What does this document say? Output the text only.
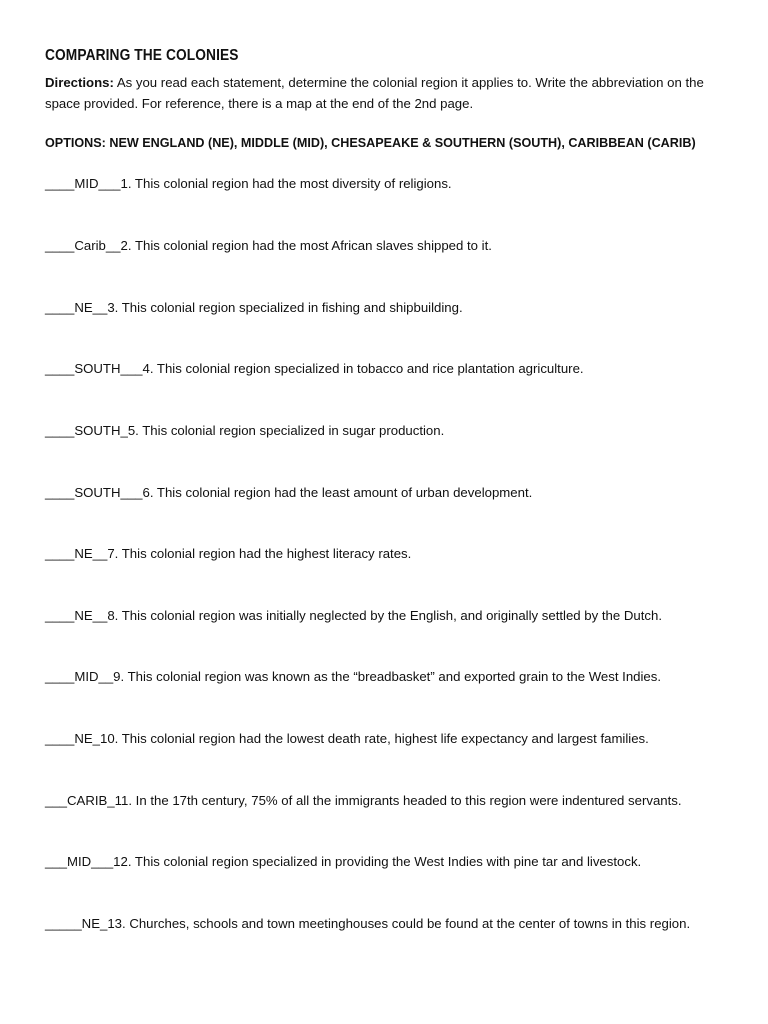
COMPARING THE COLONIES
Directions: As you read each statement, determine the colonial region it applies to. Write the abbreviation on the space provided. For reference, there is a map at the end of the 2nd page.
OPTIONS: NEW ENGLAND (NE), MIDDLE (MID), CHESAPEAKE & SOUTHERN (SOUTH), CARIBBEAN (CARIB)
____MID___1. This colonial region had the most diversity of religions.
____Carib__2. This colonial region had the most African slaves shipped to it.
____NE__3. This colonial region specialized in fishing and shipbuilding.
____SOUTH___4. This colonial region specialized in tobacco and rice plantation agriculture.
____SOUTH_5. This colonial region specialized in sugar production.
____SOUTH___6. This colonial region had the least amount of urban development.
____NE__7. This colonial region had the highest literacy rates.
____NE__8. This colonial region was initially neglected by the English, and originally settled by the Dutch.
____MID__9. This colonial region was known as the “breadbasket” and exported grain to the West Indies.
____NE_10. This colonial region had the lowest death rate, highest life expectancy and largest families.
___CARIB_11. In the 17th century, 75% of all the immigrants headed to this region were indentured servants.
___MID___12. This colonial region specialized in providing the West Indies with pine tar and livestock.
_____NE_13. Churches, schools and town meetinghouses could be found at the center of towns in this region.
